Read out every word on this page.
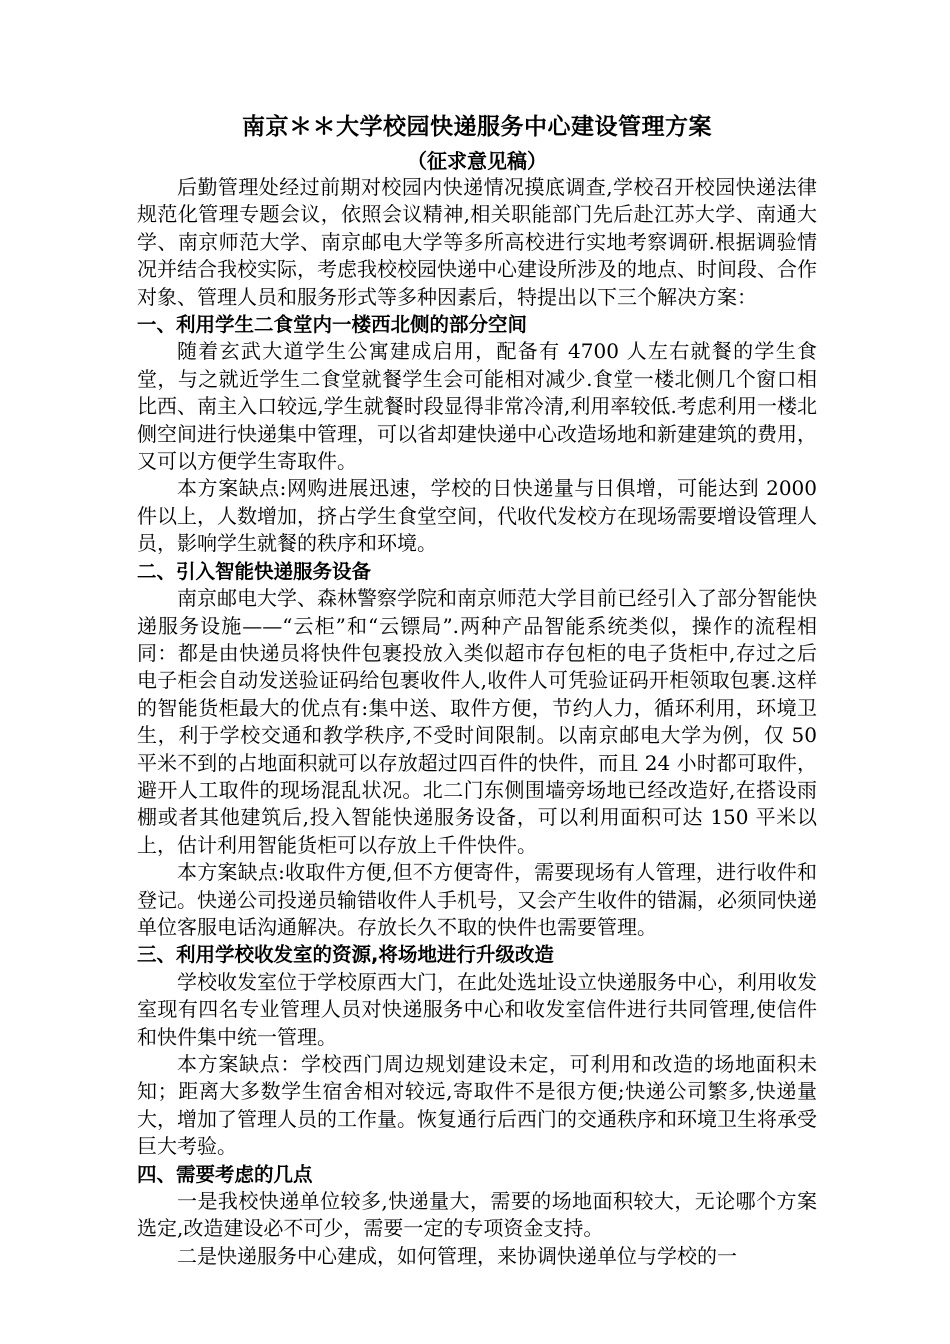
南京＊＊大学校园快递服务中心建设管理方案

（征求意见稿）

后勤管理处经过前期对校园内快递情况摸底调查,学校召开校园快递法律规范化管理专题会议，依照会议精神,相关职能部门先后赴江苏大学、南通大学、南京师范大学、南京邮电大学等多所高校进行实地考察调研.根据调验情况并结合我校实际，考虑我校校园快递中心建设所涉及的地点、时间段、合作对象、管理人员和服务形式等多种因素后，特提出以下三个解决方案：

一、利用学生二食堂内一楼西北侧的部分空间

随着玄武大道学生公寓建成启用，配备有 4700 人左右就餐的学生食堂，与之就近学生二食堂就餐学生会可能相对减少.食堂一楼北侧几个窗口相比西、南主入口较远,学生就餐时段显得非常冷清,利用率较低.考虑利用一楼北侧空间进行快递集中管理，可以省却建快递中心改造场地和新建建筑的费用，又可以方便学生寄取件。

本方案缺点:网购进展迅速，学校的日快递量与日俱增，可能达到 2000 件以上，人数增加，挤占学生食堂空间，代收代发校方在现场需要增设管理人员，影响学生就餐的秩序和环境。

二、引入智能快递服务设备

南京邮电大学、森林警察学院和南京师范大学目前已经引入了部分智能快递服务设施——“云柜”和“云镖局”.两种产品智能系统类似，操作的流程相同：都是由快递员将快件包裹投放入类似超市存包柜的电子货柜中,存过之后电子柜会自动发送验证码给包裹收件人,收件人可凭验证码开柜领取包裹.这样的智能货柜最大的优点有:集中送、取件方便，节约人力，循环利用，环境卫生，利于学校交通和教学秩序,不受时间限制。以南京邮电大学为例，仅 50 平米不到的占地面积就可以存放超过四百件的快件，而且 24 小时都可取件，避开人工取件的现场混乱状况。北二门东侧围墙旁场地已经改造好,在搭设雨棚或者其他建筑后,投入智能快递服务设备，可以利用面积可达 150 平米以上，估计利用智能货柜可以存放上千件快件。

本方案缺点:收取件方便,但不方便寄件，需要现场有人管理，进行收件和登记。快递公司投递员输错收件人手机号，又会产生收件的错漏，必须同快递单位客服电话沟通解决。存放长久不取的快件也需要管理。

三、利用学校收发室的资源,将场地进行升级改造

学校收发室位于学校原西大门，在此处选址设立快递服务中心，利用收发室现有四名专业管理人员对快递服务中心和收发室信件进行共同管理,使信件和快件集中统一管理。

本方案缺点：学校西门周边规划建设未定，可利用和改造的场地面积未知；距离大多数学生宿舍相对较远,寄取件不是很方便;快递公司繁多,快递量大，增加了管理人员的工作量。恢复通行后西门的交通秩序和环境卫生将承受巨大考验。

四、需要考虑的几点

一是我校快递单位较多,快递量大，需要的场地面积较大，无论哪个方案选定,改造建设必不可少，需要一定的专项资金支持。

二是快递服务中心建成，如何管理，来协调快递单位与学校的一
